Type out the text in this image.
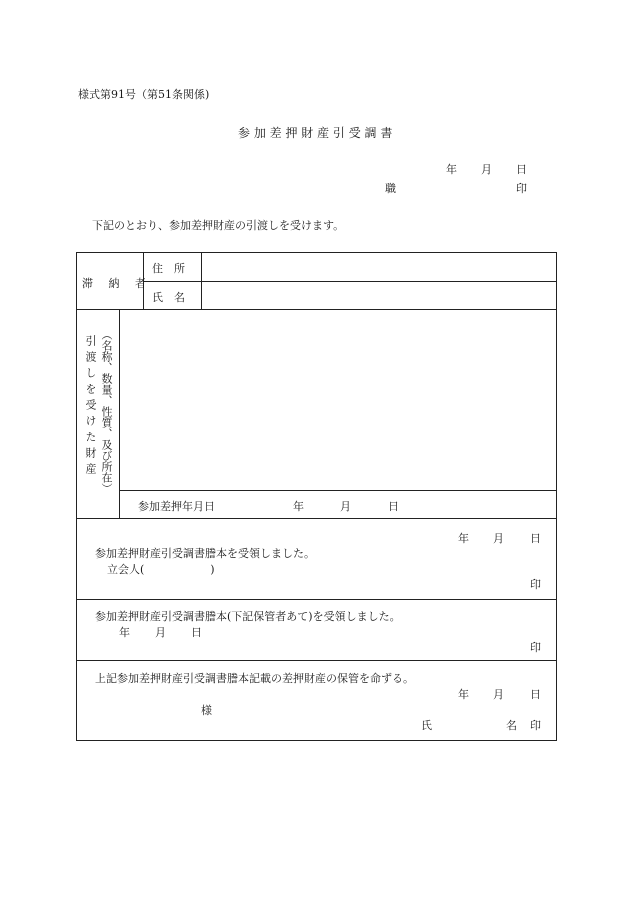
様式第91号（第51条関係)
参 加 差 押 財 産 引 受 調 書
年 月 日
職	印
下記のとおり、参加差押財産の引渡しを受けます。
滞 納 者
住　所
氏　名
引渡しを受けた財産 （名称、数量、性質、及び所在）
参加差押年月日	年	月	日
年 月 日
参加差押財産引受調書謄本を受領しました。
立会人(　　　　　　)
印
参加差押財産引受調書謄本(下記保管者あて)を受領しました。
年 月 日
印
上記参加差押財産引受調書謄本記載の差押財産の保管を命ずる。
年 月 日
様
氏	名 印
